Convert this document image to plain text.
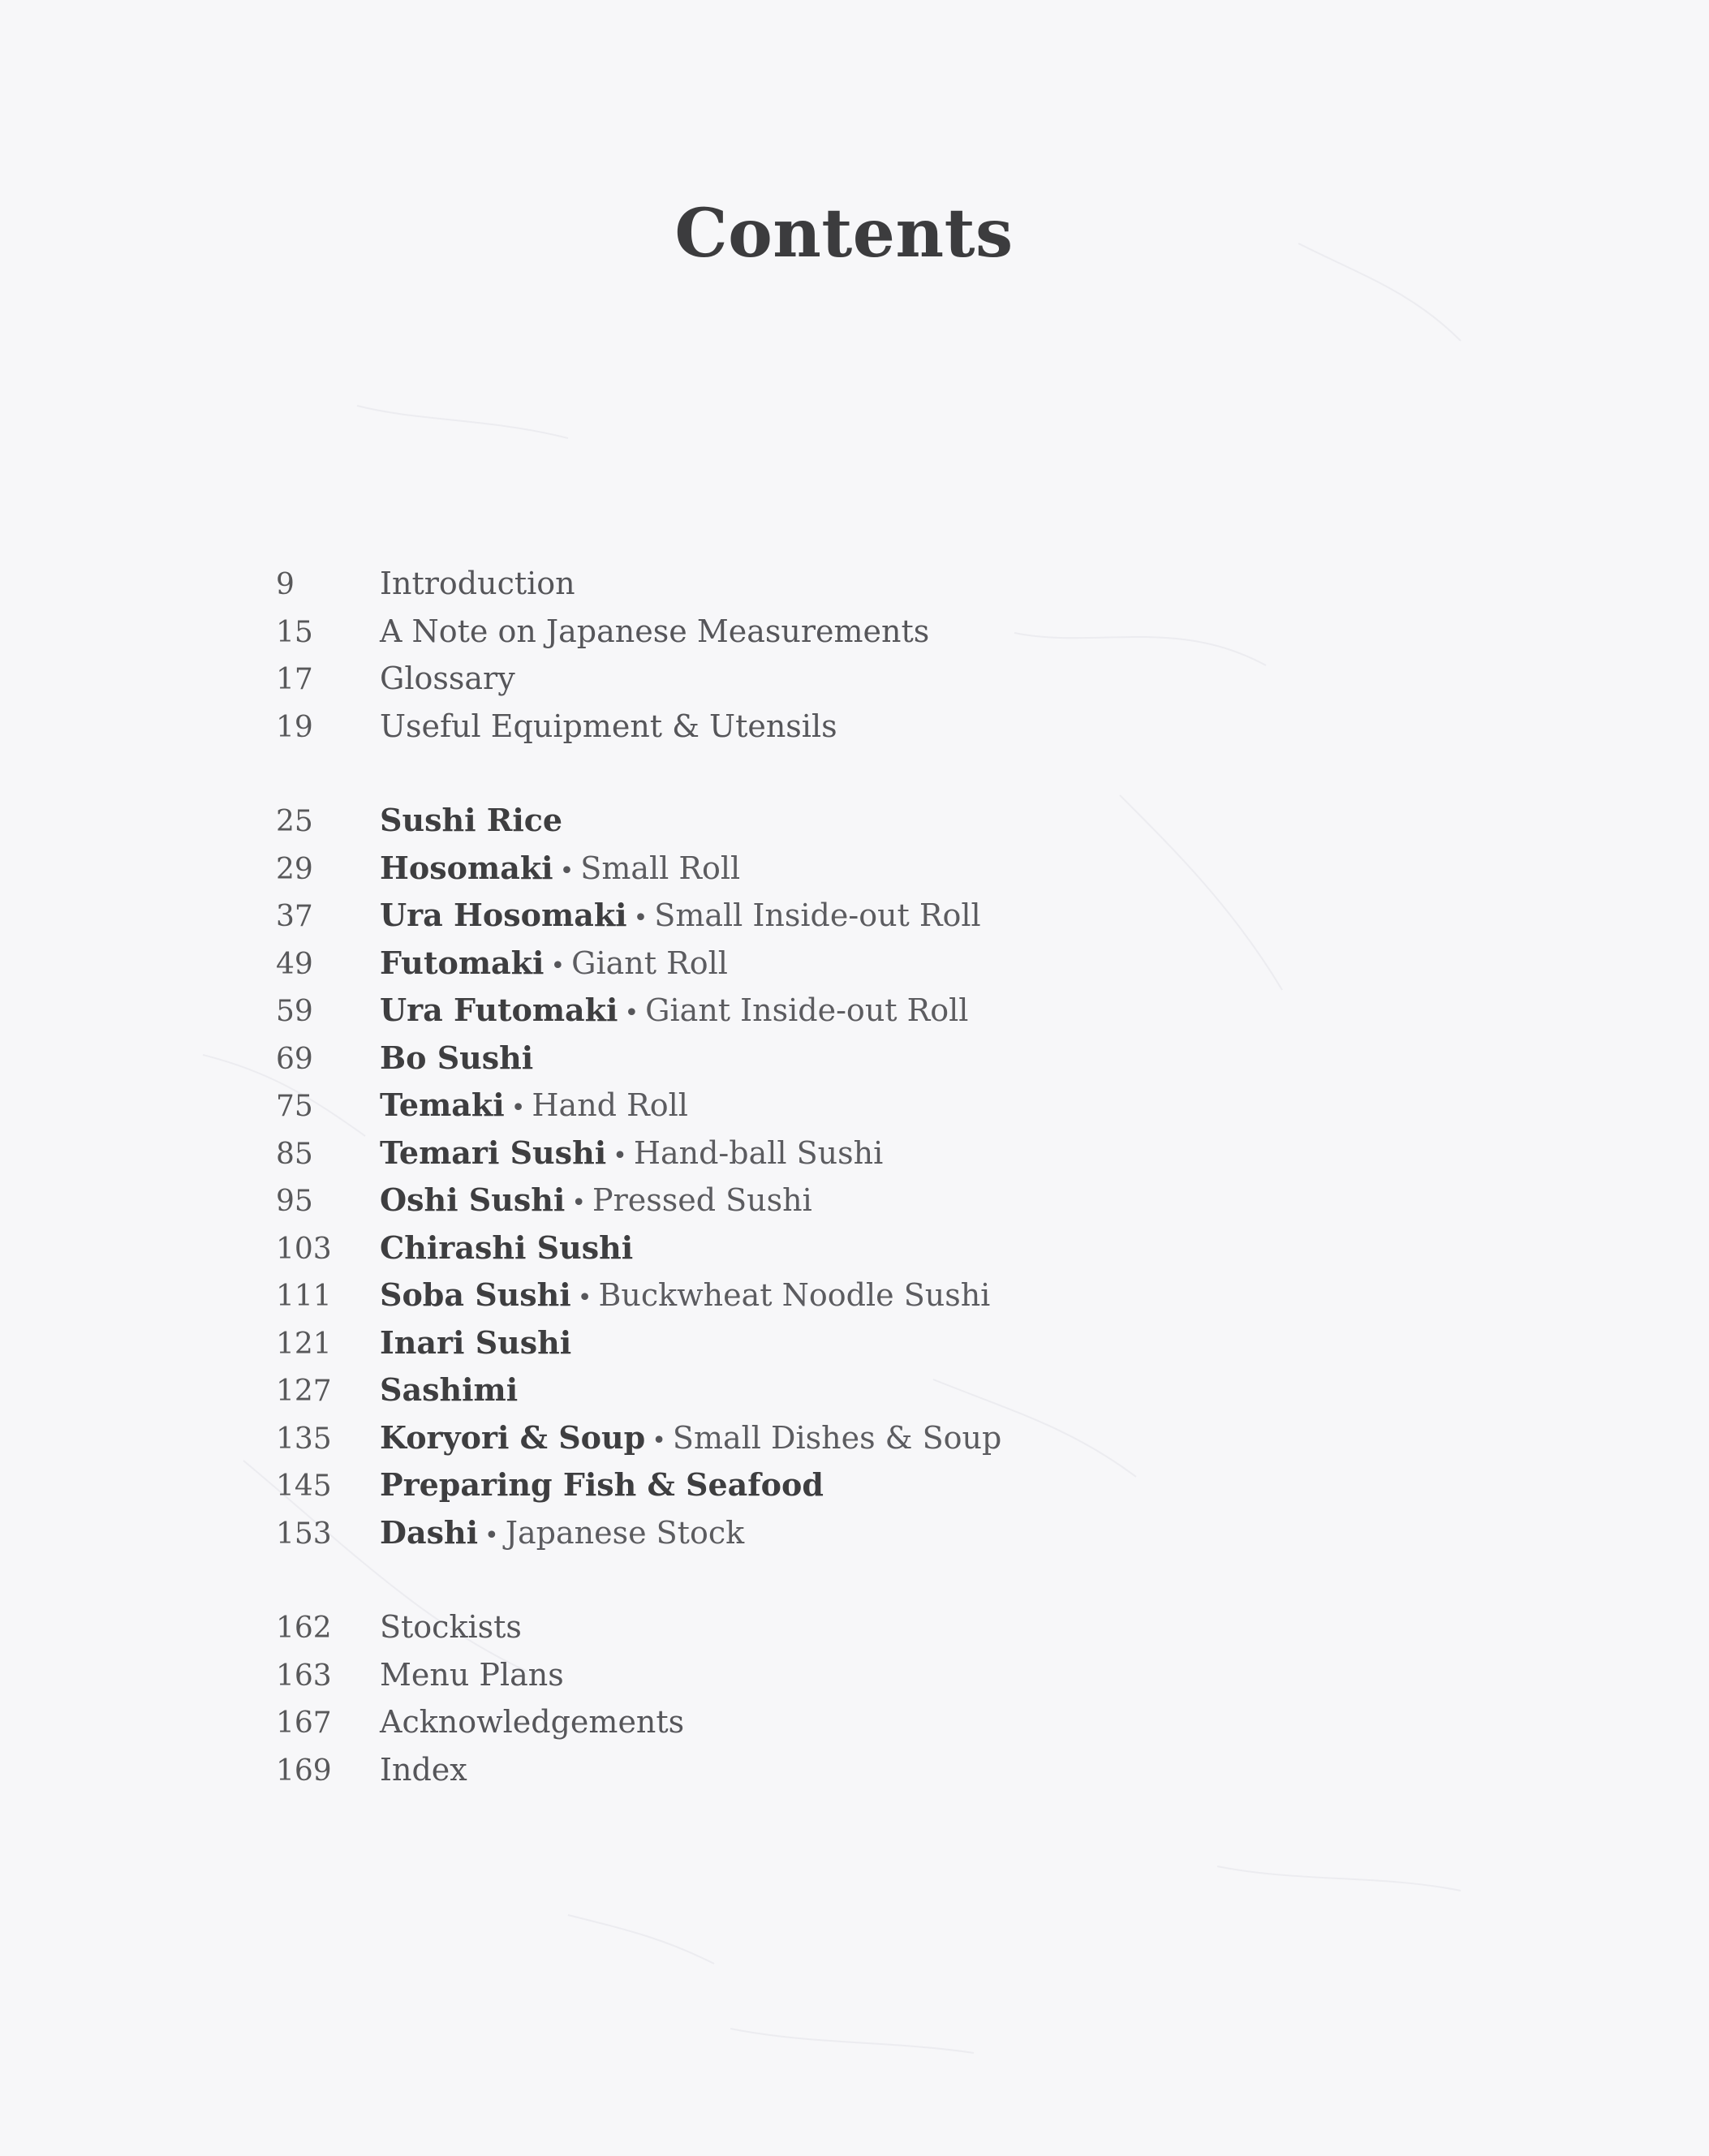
Contents
9	Introduction
15	A Note on Japanese Measurements
17	Glossary
19	Useful Equipment & Utensils
25	Sushi Rice
29	Hosomaki • Small Roll
37	Ura Hosomaki • Small Inside-out Roll
49	Futomaki • Giant Roll
59	Ura Futomaki • Giant Inside-out Roll
69	Bo Sushi
75	Temaki • Hand Roll
85	Temari Sushi • Hand-ball Sushi
95	Oshi Sushi • Pressed Sushi
103	Chirashi Sushi
111	Soba Sushi • Buckwheat Noodle Sushi
121	Inari Sushi
127	Sashimi
135	Koryori & Soup • Small Dishes & Soup
145	Preparing Fish & Seafood
153	Dashi • Japanese Stock
162	Stockists
163	Menu Plans
167	Acknowledgements
169	Index
